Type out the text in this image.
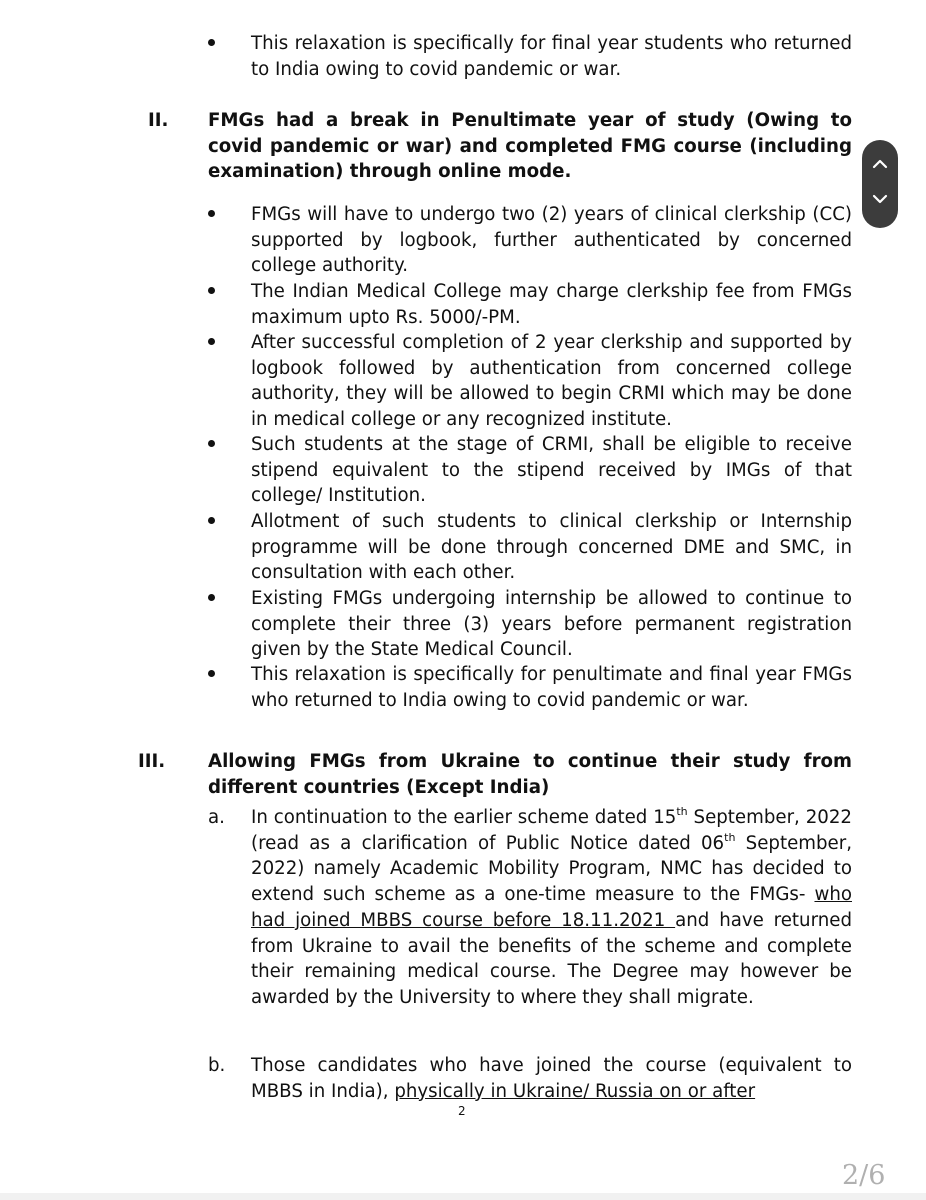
This relaxation is specifically for final year students who returned to India owing to covid pandemic or war.
II. FMGs had a break in Penultimate year of study (Owing to covid pandemic or war) and completed FMG course (including examination) through online mode.
FMGs will have to undergo two (2) years of clinical clerkship (CC) supported by logbook, further authenticated by concerned college authority.
The Indian Medical College may charge clerkship fee from FMGs maximum upto Rs. 5000/-PM.
After successful completion of 2 year clerkship and supported by logbook followed by authentication from concerned college authority, they will be allowed to begin CRMI which may be done in medical college or any recognized institute.
Such students at the stage of CRMI, shall be eligible to receive stipend equivalent to the stipend received by IMGs of that college/ Institution.
Allotment of such students to clinical clerkship or Internship programme will be done through concerned DME and SMC, in consultation with each other.
Existing FMGs undergoing internship be allowed to continue to complete their three (3) years before permanent registration given by the State Medical Council.
This relaxation is specifically for penultimate and final year FMGs who returned to India owing to covid pandemic or war.
III. Allowing FMGs from Ukraine to continue their study from different countries (Except India)
a. In continuation to the earlier scheme dated 15th September, 2022 (read as a clarification of Public Notice dated 06th September, 2022) namely Academic Mobility Program, NMC has decided to extend such scheme as a one-time measure to the FMGs- who had joined MBBS course before 18.11.2021 and have returned from Ukraine to avail the benefits of the scheme and complete their remaining medical course. The Degree may however be awarded by the University to where they shall migrate.
b. Those candidates who have joined the course (equivalent to MBBS in India), physically in Ukraine/ Russia on or after
2
2/6
